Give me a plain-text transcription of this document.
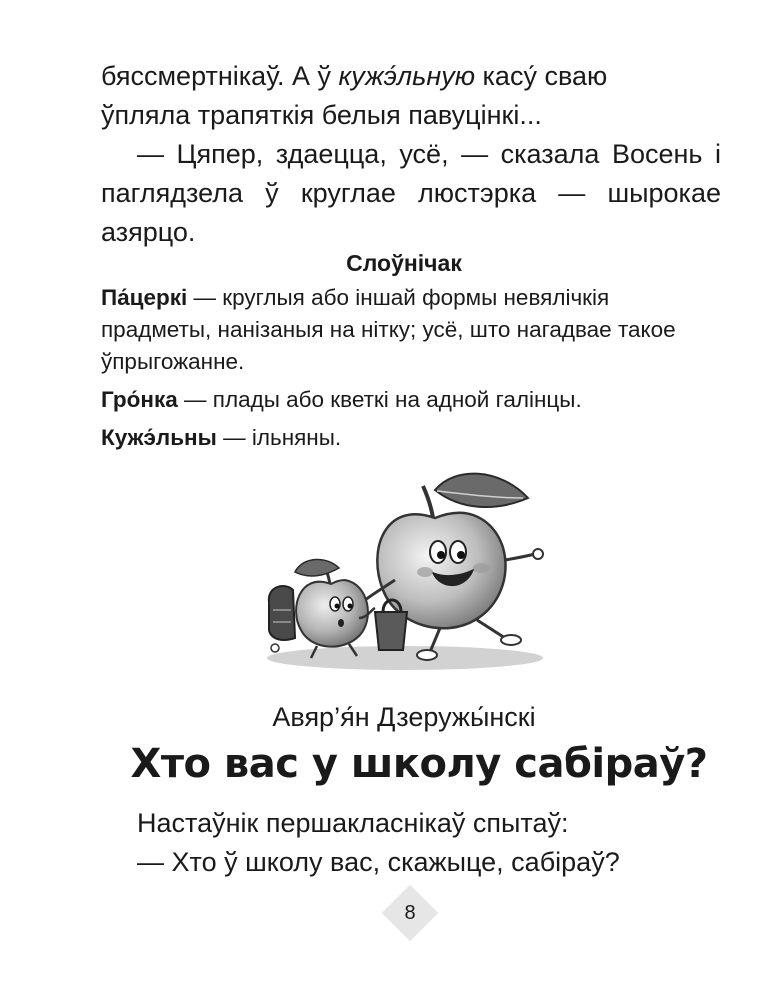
бяссмертнікаў. А ў кужэ́льную касу́ сваю

ўпляла трапяткія белыя павуцінкі...

— Цяпер, здаецца, усё, — сказала Восень і паглядзела ў круглае люстэрка — шырокае азярцо.

Слоўнічак

Па́церкі — круглыя або іншай формы невялічкія прадметы, нанізаныя на нітку; усё, што нагадвае такое ўпрыгожанне.

Гро́нка — плады або кветкі на адной галінцы.

Кужэ́льны — ільняны.

Авяр’я́н Дзеружы́нскі
Хто вас у школу сабіраў?

Настаўнік першакласнікаў спытаў:

— Хто ў школу вас, скажыце, сабіраў?

8
